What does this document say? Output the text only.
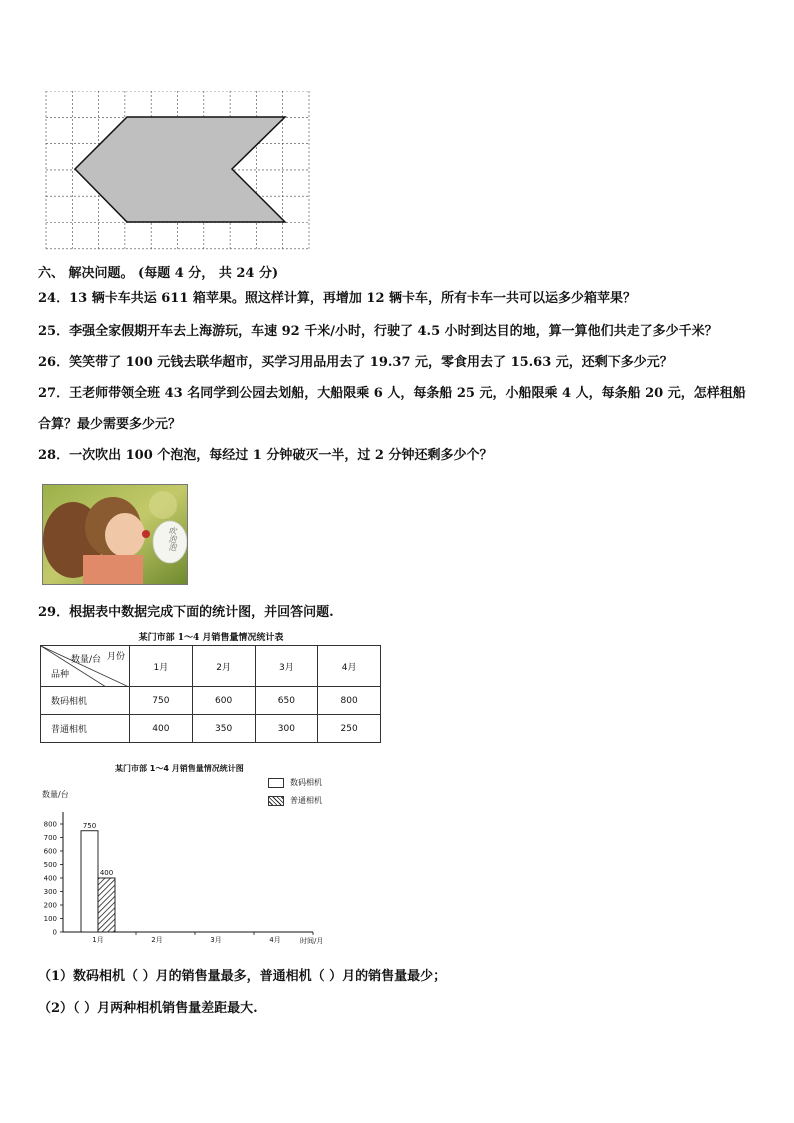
六、 解决问题。 (每题 4 分， 共 24 分)
24．13 辆卡车共运 611 箱苹果。照这样计算，再增加 12 辆卡车，所有卡车一共可以运多少箱苹果？
25．李强全家假期开车去上海游玩，车速 92 千米/小时，行驶了 4.5 小时到达目的地，算一算他们共走了多少千米？
26．笑笑带了 100 元钱去联华超市，买学习用品用去了 19.37 元，零食用去了 15.63 元，还剩下多少元？
27．王老师带领全班 43 名同学到公园去划船，大船限乘 6 人，每条船 25 元，小船限乘 4 人，每条船 20 元，怎样租船
合算？最少需要多少元？
28．一次吹出 100 个泡泡，每经过 1 分钟破灭一半，过 2 分钟还剩多少个？
吹泡泡
29．根据表中数据完成下面的统计图，并回答问题.
某门市部 1～4 月销售量情况统计表
数量/台 月份
品种	1月	2月	3月	4月
数码相机	750	600	650	800
普通相机	400	350	300	250
某门市部 1～4 月销售量情况统计图
数码相机
普通相机
数量/台
0
100
200
300
400
500
600
700
800	750
400
1月	2月	3月	4月	时间/月
（1）数码相机（ ）月的销售量最多，普通相机（ ）月的销售量最少；
（2）（ ）月两种相机销售量差距最大.
